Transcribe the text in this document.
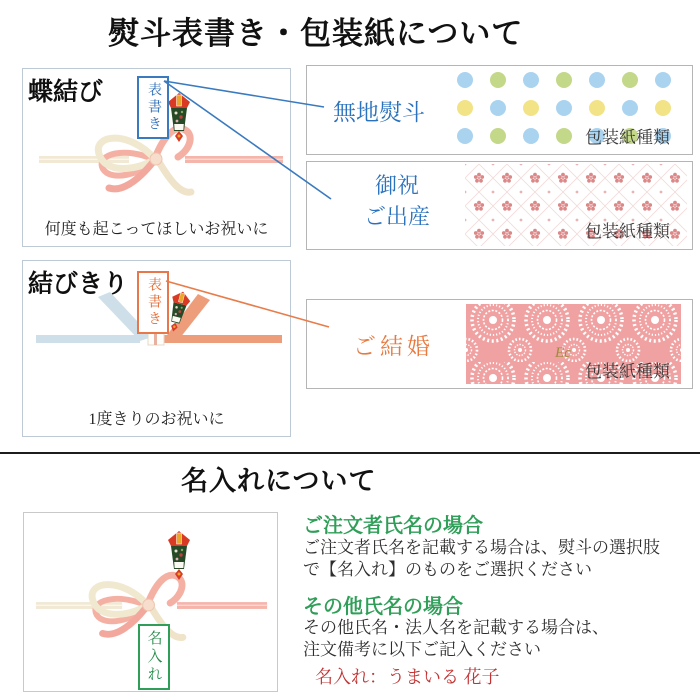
熨斗表書き・包装紙について
蝶結び	表書き
何度も起こってほしいお祝いに
結びきり 表書き
1度きりのお祝いに
無地熨斗
包装紙種類
御祝
ご出産
包装紙種類
ご結婚	Ec
包装紙種類
名入れについて
名入れ
ご注文者氏名の場合
ご注文者氏名を記載する場合は、熨斗の選択肢
で【名入れ】のものをご選択ください
その他氏名の場合
その他氏名・法人名を記載する場合は、
注文備考に以下ご記入ください
名入れ：うまいる 花子
